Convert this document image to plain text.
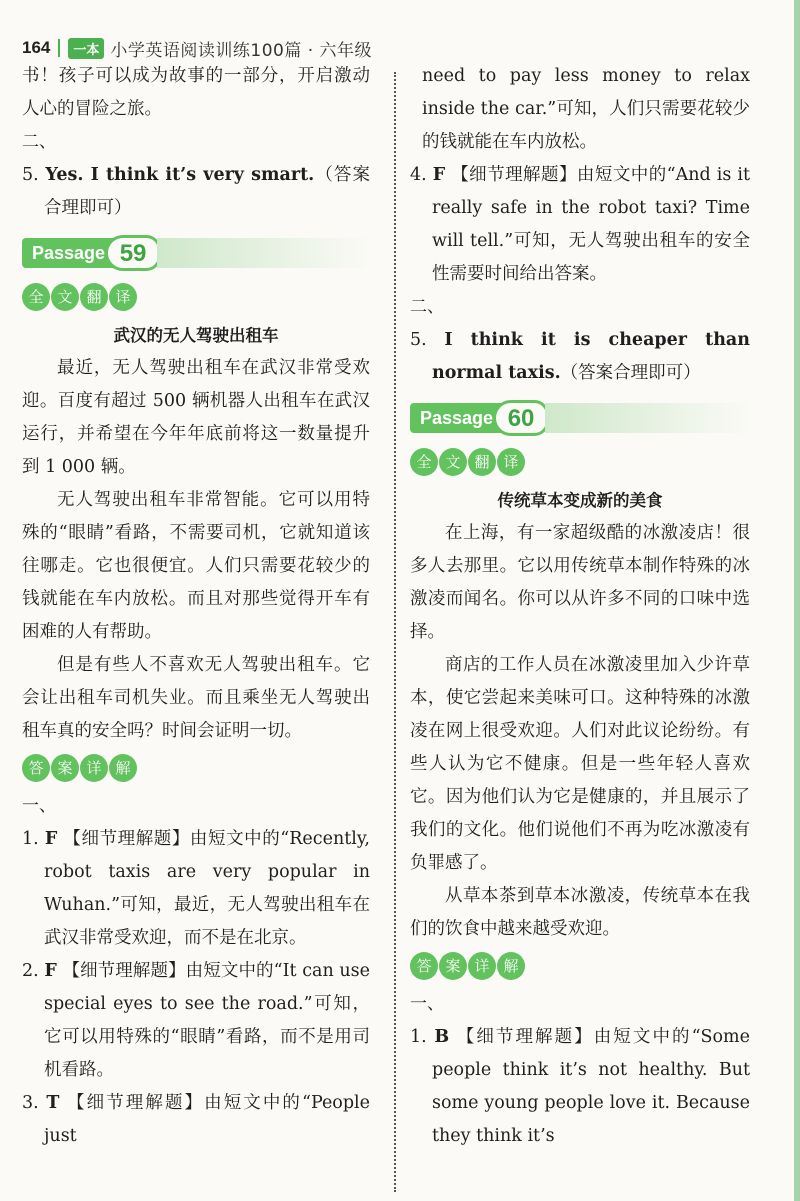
164	一本 小学英语阅读训练100篇 · 六年级

书！孩子可以成为故事的一部分，开启激动人心的冒险之旅。

二、

5. Yes. I think it’s very smart.（答案合理即可）

Passage 59
全 文 翻 译

武汉的无人驾驶出租车

最近，无人驾驶出租车在武汉非常受欢迎。百度有超过 500 辆机器人出租车在武汉运行，并希望在今年年底前将这一数量提升到 1 000 辆。

无人驾驶出租车非常智能。它可以用特殊的“眼睛”看路，不需要司机，它就知道该往哪走。它也很便宜。人们只需要花较少的钱就能在车内放松。而且对那些觉得开车有困难的人有帮助。

但是有些人不喜欢无人驾驶出租车。它会让出租车司机失业。而且乘坐无人驾驶出租车真的安全吗？时间会证明一切。

答 案 详 解

一、

1. F 【细节理解题】由短文中的“Recently, robot taxis are very popular in Wuhan.”可知，最近，无人驾驶出租车在武汉非常受欢迎，而不是在北京。

2. F 【细节理解题】由短文中的“It can use special eyes to see the road.”可知，它可以用特殊的“眼睛”看路，而不是用司机看路。

3. T 【细节理解题】由短文中的“People just

need to pay less money to relax inside the car.”可知，人们只需要花较少的钱就能在车内放松。

4. F 【细节理解题】由短文中的“And is it really safe in the robot taxi? Time will tell.”可知，无人驾驶出租车的安全性需要时间给出答案。

二、

5. I think it is cheaper than normal taxis.（答案合理即可）

Passage 60
全 文 翻 译

传统草本变成新的美食

在上海，有一家超级酷的冰激凌店！很多人去那里。它以用传统草本制作特殊的冰激凌而闻名。你可以从许多不同的口味中选择。

商店的工作人员在冰激凌里加入少许草本，使它尝起来美味可口。这种特殊的冰激凌在网上很受欢迎。人们对此议论纷纷。有些人认为它不健康。但是一些年轻人喜欢它。因为他们认为它是健康的，并且展示了我们的文化。他们说他们不再为吃冰激凌有负罪感了。

从草本茶到草本冰激凌，传统草本在我们的饮食中越来越受欢迎。

答 案 详 解

一、

1. B 【细节理解题】由短文中的“Some people think it’s not healthy. But some young people love it. Because they think it’s
